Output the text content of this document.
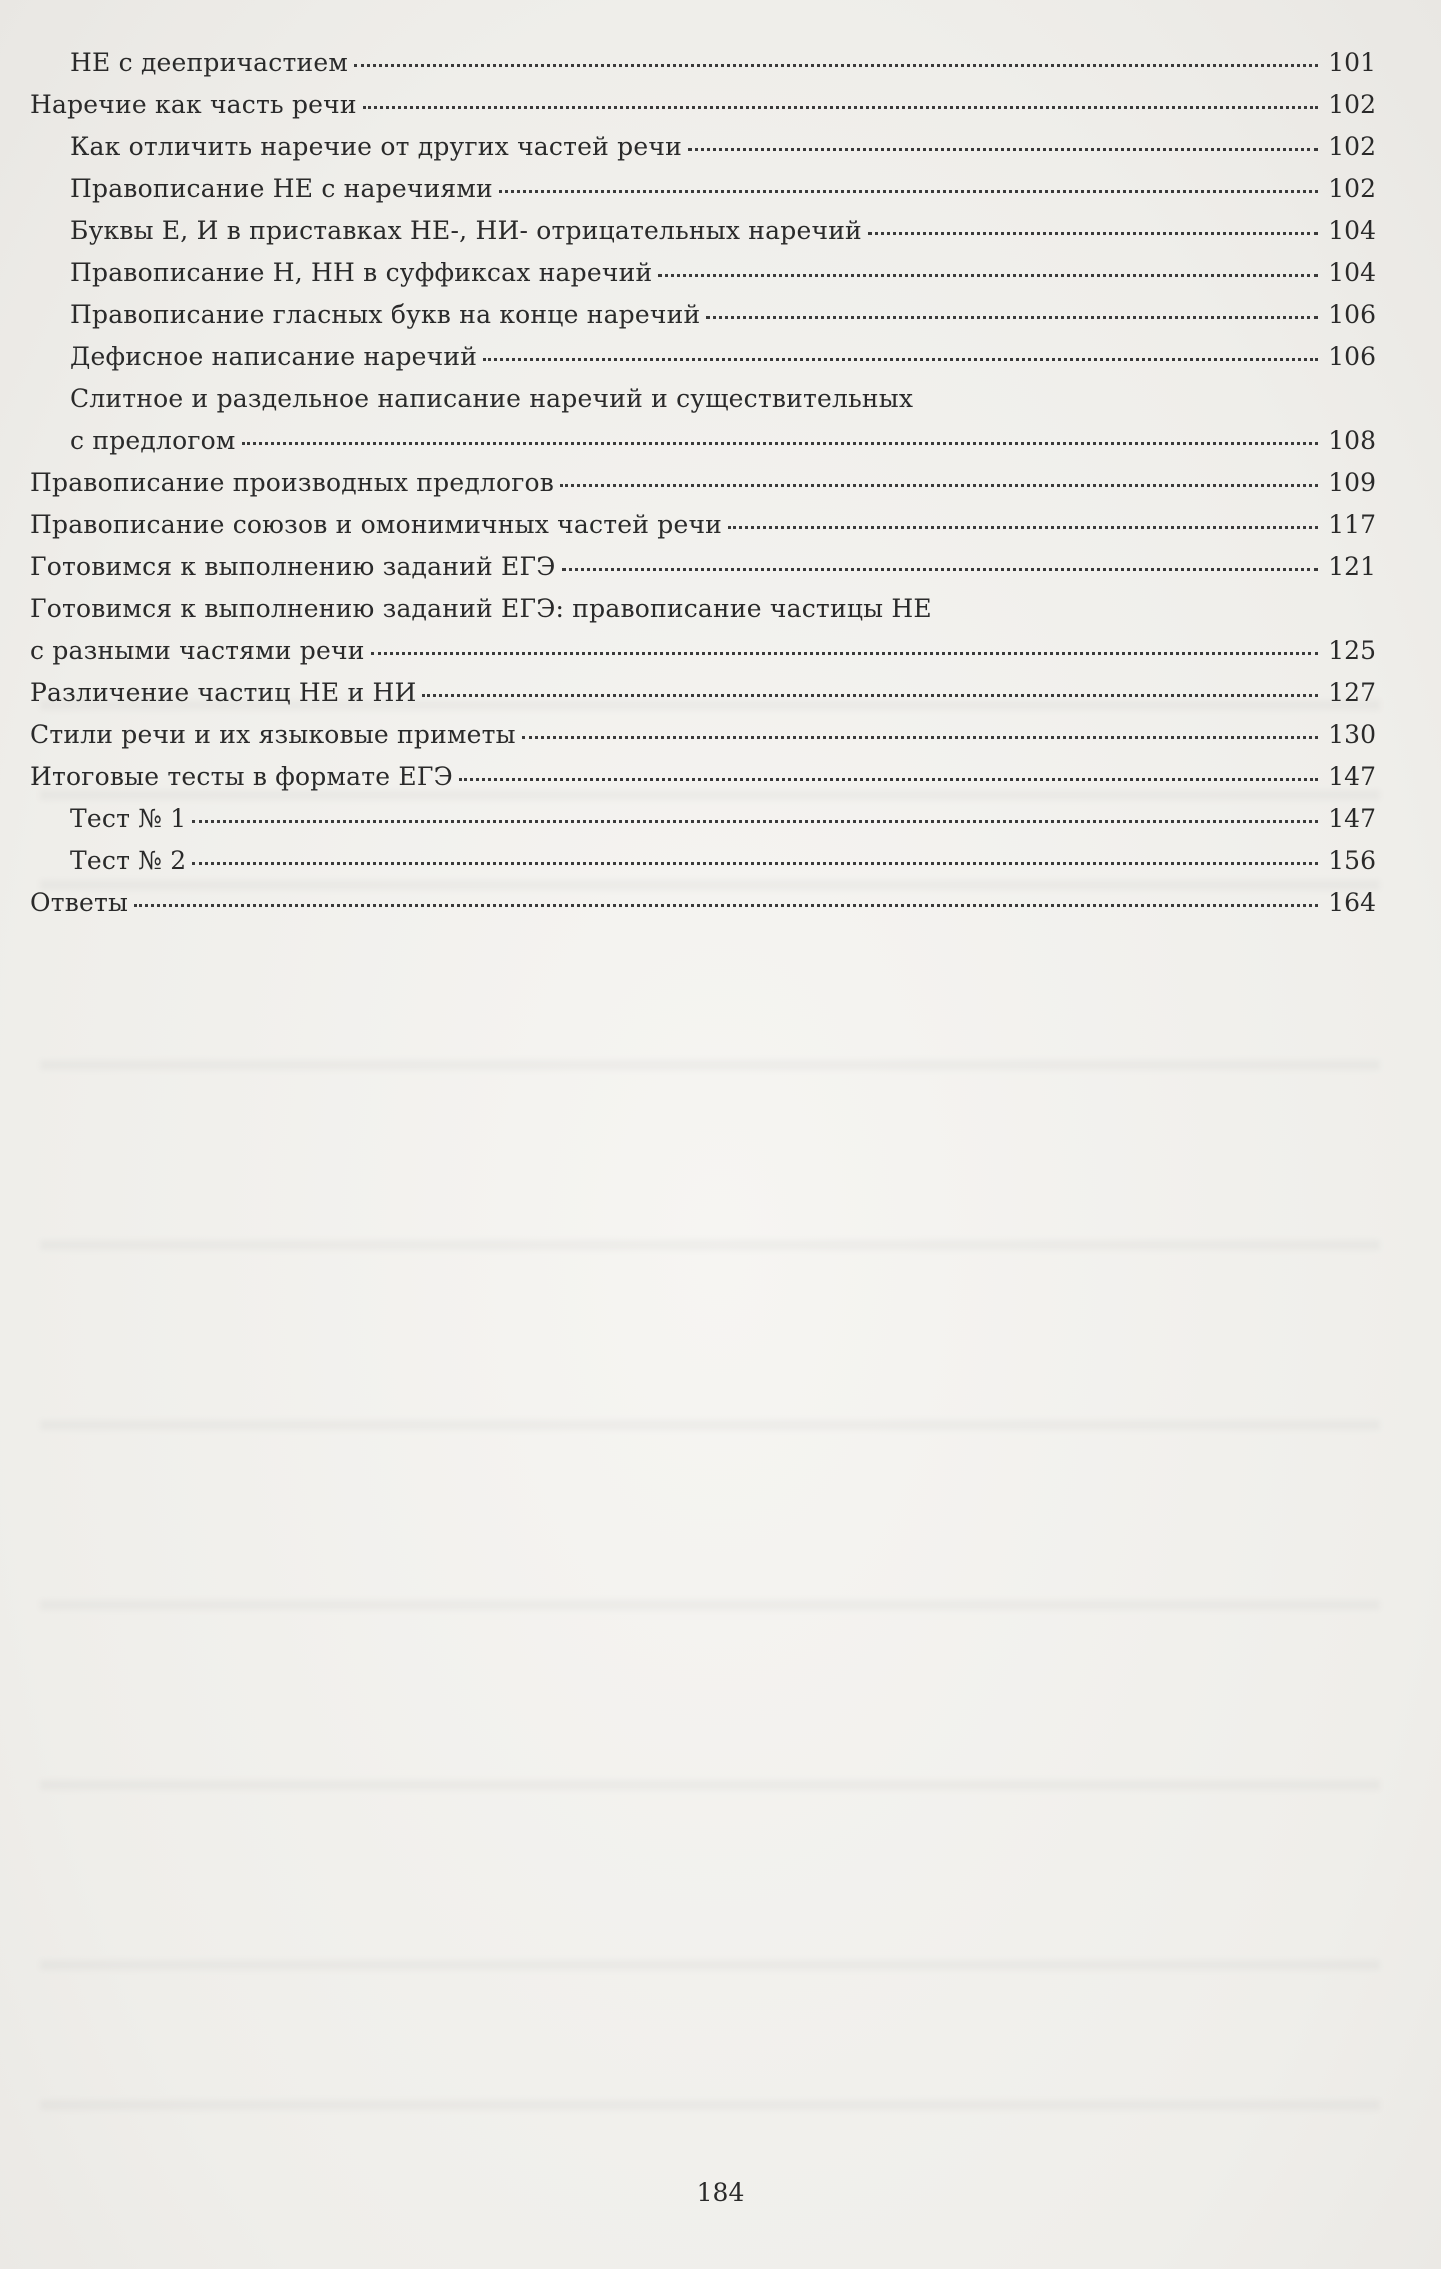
НЕ с деепричастием	101
Наречие как часть речи	102
Как отличить наречие от других частей речи	102
Правописание НЕ с наречиями	102
Буквы Е, И в приставках НЕ-, НИ- отрицательных наречий	104
Правописание Н, НН в суффиксах наречий	104
Правописание гласных букв на конце наречий	106
Дефисное написание наречий	106
Слитное и раздельное написание наречий и существительных
с предлогом	108
Правописание производных предлогов	109
Правописание союзов и омонимичных частей речи	117
Готовимся к выполнению заданий ЕГЭ	121
Готовимся к выполнению заданий ЕГЭ: правописание частицы НЕ
с разными частями речи	125
Различение частиц НЕ и НИ	127
Стили речи и их языковые приметы	130
Итоговые тесты в формате ЕГЭ	147
Тест № 1	147
Тест № 2	156
Ответы	164
184
